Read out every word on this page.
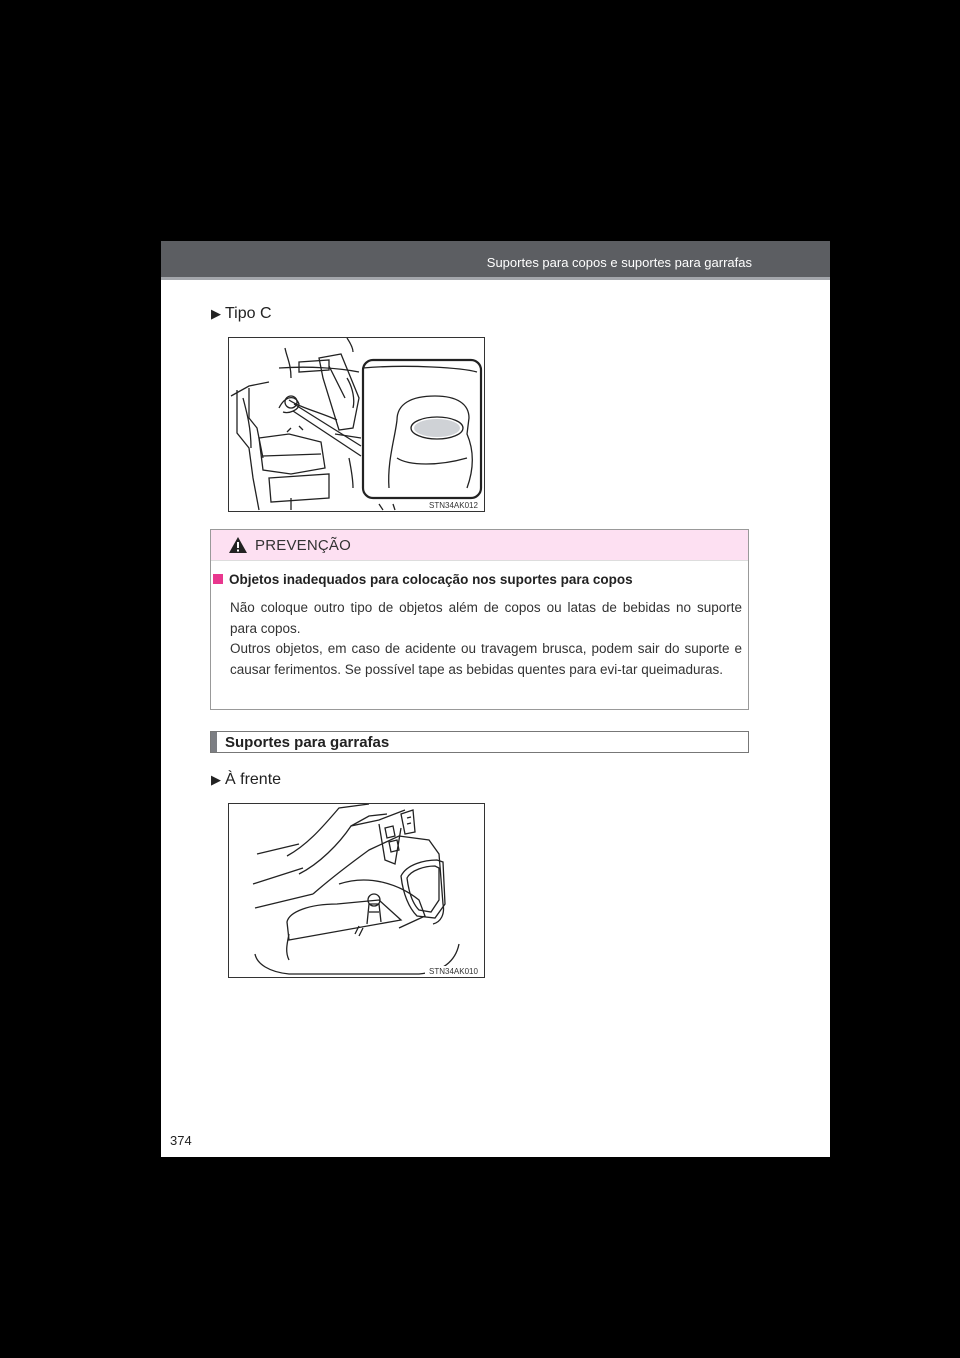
Suportes para copos e suportes para garrafas
▶ Tipo C
STN34AK012
PREVENÇÃO
Objetos inadequados para colocação nos suportes para copos

Não coloque outro tipo de objetos além de copos ou latas de bebidas no suporte para copos.

Outros objetos, em caso de acidente ou travagem brusca, podem sair do suporte e causar ferimentos. Se possível tape as bebidas quentes para evi-tar queimaduras.

Suportes para garrafas
▶ À frente
STN34AK010
374
